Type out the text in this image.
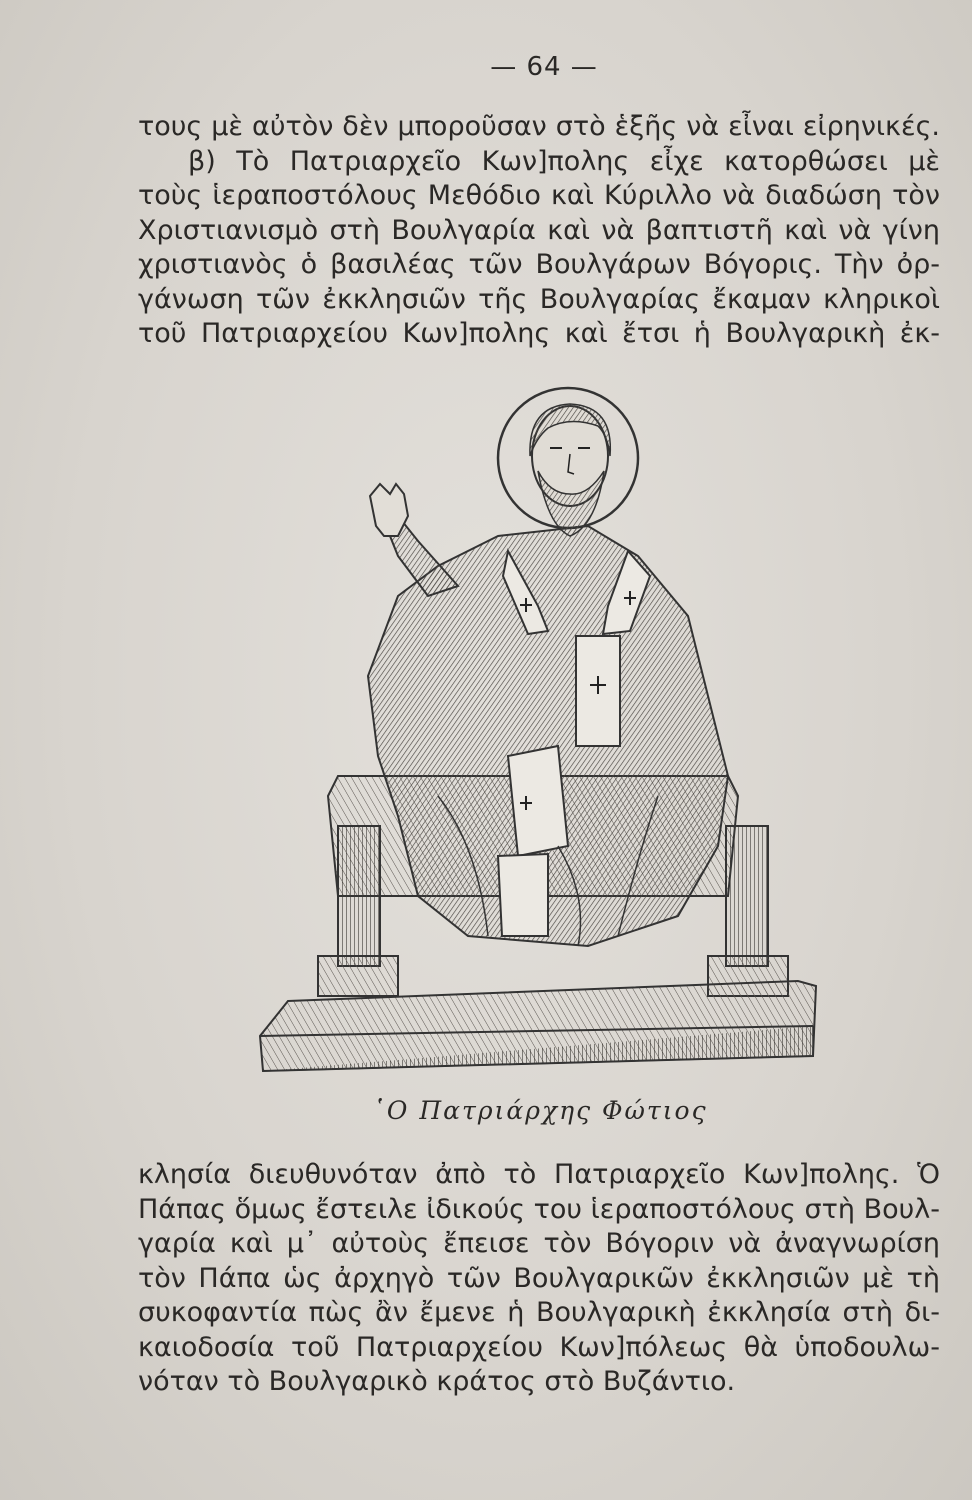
— 64 —
τους μὲ αὐτὸν δὲν μποροῦσαν στὸ ἑξῆς νὰ εἶναι εἰρηνικές.
β) Τὸ Πατριαρχεῖο Κων]πολης εἶχε κατορθώσει μὲ
τοὺς ἱεραποστόλους Μεθόδιο καὶ Κύριλλο νὰ διαδώση τὸν
Χριστιανισμὸ στὴ Βουλγαρία καὶ νὰ βαπτιστῆ καὶ νὰ γίνη
χριστιανὸς ὁ βασιλέας τῶν Βουλγάρων Βόγορις. Τὴν ὀρ-
γάνωση τῶν ἐκκλησιῶν τῆς Βουλγαρίας ἔκαμαν κληρικοὶ
τοῦ Πατριαρχείου Κων]πολης καὶ ἔτσι ἡ Βουλγαρικὴ ἐκ-
῾Ο Πατριάρχης Φώτιος
κλησία διευθυνόταν ἀπὸ τὸ Πατριαρχεῖο Κων]πολης. Ὁ
Πάπας ὅμως ἔστειλε ἰδικούς του ἱεραποστόλους στὴ Βουλ-
γαρία καὶ μ᾽ αὐτοὺς ἔπεισε τὸν Βόγοριν νὰ ἀναγνωρίση
τὸν Πάπα ὡς ἀρχηγὸ τῶν Βουλγαρικῶν ἐκκλησιῶν μὲ τὴ
συκοφαντία πὼς ἂν ἔμενε ἡ Βουλγαρικὴ ἐκκλησία στὴ δι-
καιοδοσία τοῦ Πατριαρχείου Κων]πόλεως θὰ ὑποδουλω-
νόταν τὸ Βουλγαρικὸ κράτος στὸ Βυζάντιο.
